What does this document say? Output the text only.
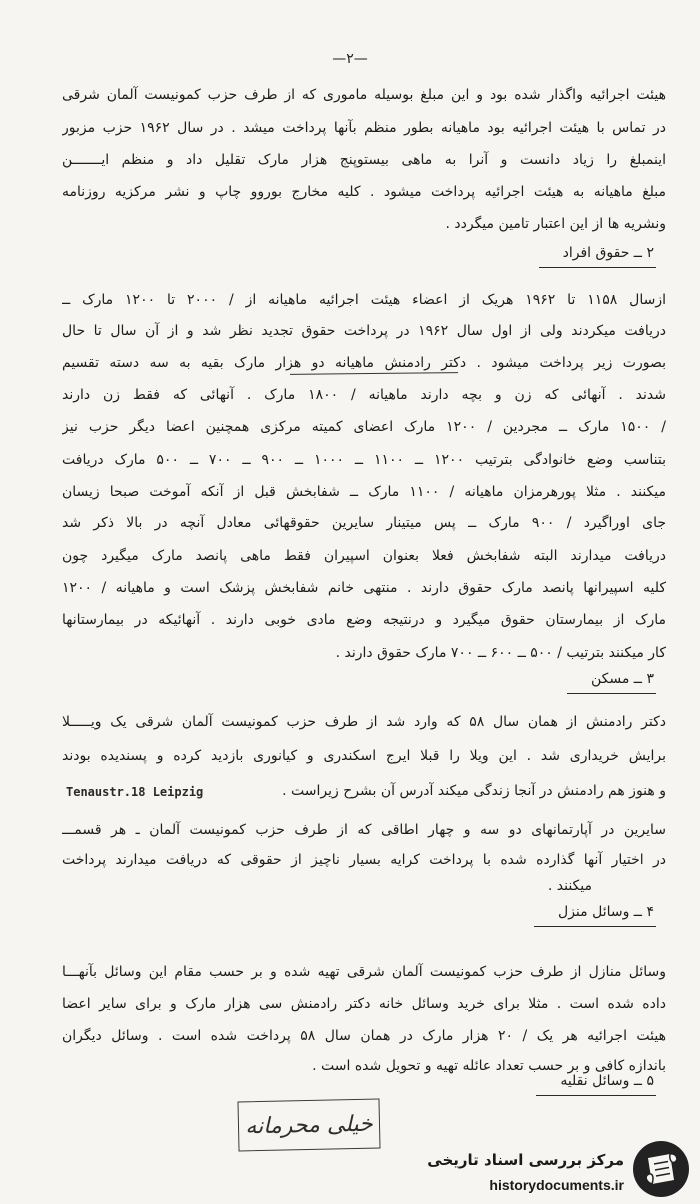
—۲—
هیئت اجرائیه واگذار شده بود و این مبلغ بوسیله ماموری که از طرف حزب کمونیست آلمان شرقی
در تماس با هیئت اجرائیه بود ماهیانه بطور منظم بآنها پرداخت میشد . در سال ۱۹۶۲ حزب مزبور
اینمبلغ را زیاد دانست و آنرا به ماهی بیستوپنج هزار مارک تقلیل داد و منظم ایـــــــن
مبلغ ماهیانه به هیئت اجرائیه پرداخت میشود . کلیه مخارج بوروو چاپ و نشر مرکزیه روزنامه
ونشریه ها از این اعتبار تامین میگردد .
۲ ــ حقوق افراد
ازسال ۱۱۵۸ تا ۱۹۶۲ هریک از اعضاء هیئت اجرائیه ماهیانه از / ۲۰۰۰ تا ۱۲۰۰ مارک ــ
دریافت میکردند ولی از اول سال ۱۹۶۲ در پرداخت حقوق تجدید نظر شد و از آن سال تا حال
بصورت زیر پرداخت میشود . دکتر رادمنش ماهیانه دو هزار مارک بقیه به سه دسته تقسیم
شدند . آنهائی که زن و بچه دارند ماهیانه / ۱۸۰۰ مارک . آنهائی که فقط زن دارند
/ ۱۵۰۰ مارک ــ مجردین / ۱۲۰۰ مارک اعضای کمیته مرکزی همچنین اعضا دیگر حزب نیز
بتناسب وضع خانوادگی بترتیب ۱۲۰۰ ــ ۱۱۰۰ ــ ۱۰۰۰ ــ ۹۰۰ ــ ۷۰۰ ــ ۵۰۰ مارک دریافت
میکنند . مثلا پورهرمزان ماهیانه / ۱۱۰۰ مارک ــ شفابخش قبل از آنکه آموخت صبحا زیسان
جای اوراگیرد / ۹۰۰ مارک ــ پس میتینار سایرین حقوقهائی معادل آنچه در بالا ذکر شد
دریافت میدارند البته شفابخش فعلا بعنوان اسپیران فقط ماهی پانصد مارک میگیرد چون
کلیه اسپیرانها پانصد مارک حقوق دارند . منتهی خانم شفابخش پزشک است و ماهیانه / ۱۲۰۰
مارک از بیمارستان حقوق میگیرد و درنتیجه وضع مادی خوبی دارند . آنهائیکه در بیمارستانها
کار میکنند بترتیب / ۵۰۰ ــ ۶۰۰ ــ ۷۰۰ مارک حقوق دارند .
۳ ــ مسکن
دکتر رادمنش از همان سال ۵۸ که وارد شد از طرف حزب کمونیست آلمان شرقی یک ویـــــلا
برایش خریداری شد . این ویلا را قبلا ایرج اسکندری و کیانوری بازدید کرده و پسندیده بودند
و هنوز هم رادمنش در آنجا زندگی میکند آدرس آن بشرح زیراست .
Tenaustr.18 Leipzig
سایرین در آپارتمانهای دو سه و چهار اطاقی که از طرف حزب کمونیست آلمان ـ هر قسمـــ
در اختیار آنها گذارده شده با پرداخت کرایه بسیار ناچیز از حقوقی که دریافت میدارند پرداخت
میکنند .
۴ ــ وسائل منزل
وسائل منازل از طرف حزب کمونیست آلمان شرقی تهیه شده و بر حسب مقام این وسائل بآنهـــا
داده شده است . مثلا برای خرید وسائل خانه دکتر رادمنش سی هزار مارک و برای سایر اعضا
هیئت اجرائیه هر یک / ۲۰ هزار مارک در همان سال ۵۸ پرداخت شده است . وسائل دیگران
باندازه کافی و بر حسب تعداد عائله تهیه و تحویل شده است .
۵ ــ وسائل نقلیه
خیلی محرمانه
مرکز بررسی اسناد تاریخی
historydocuments.ir
